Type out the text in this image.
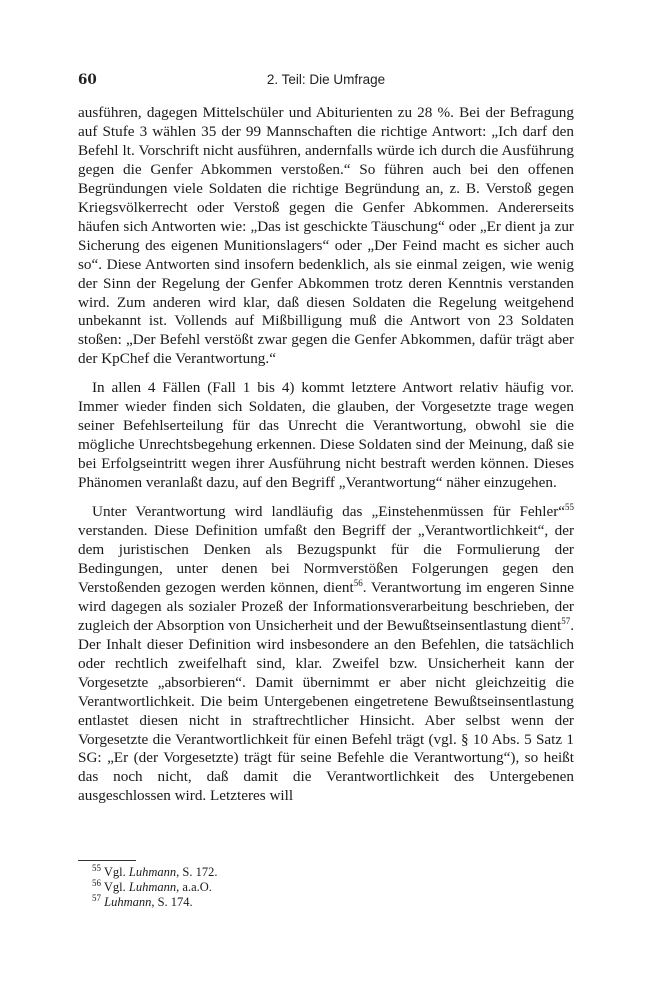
60	2. Teil: Die Umfrage

ausführen, dagegen Mittelschüler und Abiturienten zu 28 %. Bei der Befragung auf Stufe 3 wählen 35 der 99 Mannschaften die richtige Antwort: „Ich darf den Befehl lt. Vorschrift nicht ausführen, andernfalls würde ich durch die Ausführung gegen die Genfer Abkommen verstoßen.“ So führen auch bei den offenen Begründungen viele Soldaten die richtige Begründung an, z. B. Verstoß gegen Kriegsvölkerrecht oder Verstoß gegen die Genfer Abkommen. Andererseits häufen sich Antworten wie: „Das ist geschickte Täuschung“ oder „Er dient ja zur Sicherung des eigenen Munitionslagers“ oder „Der Feind macht es sicher auch so“. Diese Antworten sind insofern bedenklich, als sie einmal zeigen, wie wenig der Sinn der Regelung der Genfer Abkommen trotz deren Kenntnis verstanden wird. Zum anderen wird klar, daß diesen Soldaten die Regelung weitgehend unbekannt ist. Vollends auf Mißbilligung muß die Antwort von 23 Soldaten stoßen: „Der Befehl verstößt zwar gegen die Genfer Abkommen, dafür trägt aber der KpChef die Verantwortung.“

In allen 4 Fällen (Fall 1 bis 4) kommt letztere Antwort relativ häufig vor. Immer wieder finden sich Soldaten, die glauben, der Vorgesetzte trage wegen seiner Befehlserteilung für das Unrecht die Verantwortung, obwohl sie die mögliche Unrechtsbegehung erkennen. Diese Soldaten sind der Meinung, daß sie bei Erfolgseintritt wegen ihrer Ausführung nicht bestraft werden können. Dieses Phänomen veranlaßt dazu, auf den Begriff „Verantwortung“ näher einzugehen.

Unter Verantwortung wird landläufig das „Einstehenmüssen für Fehler“$^{55}$ verstanden. Diese Definition umfaßt den Begriff der „Verantwortlichkeit“, der dem juristischen Denken als Bezugspunkt für die Formulierung der Bedingungen, unter denen bei Normverstößen Folgerungen gegen den Verstoßenden gezogen werden können, dient$^{56}$. Verantwortung im engeren Sinne wird dagegen als sozialer Prozeß der Informationsverarbeitung beschrieben, der zugleich der Absorption von Unsicherheit und der Bewußtseinsentlastung dient$^{57}$. Der Inhalt dieser Definition wird insbesondere an den Befehlen, die tatsächlich oder rechtlich zweifelhaft sind, klar. Zweifel bzw. Unsicherheit kann der Vorgesetzte „absorbieren“. Damit übernimmt er aber nicht gleichzeitig die Verantwortlichkeit. Die beim Untergebenen eingetretene Bewußtseinsentlastung entlastet diesen nicht in straftrechtlicher Hinsicht. Aber selbst wenn der Vorgesetzte die Verantwortlichkeit für einen Befehl trägt (vgl. § 10 Abs. 5 Satz 1 SG: „Er (der Vorgesetzte) trägt für seine Befehle die Verantwortung“), so heißt das noch nicht, daß damit die Verantwortlichkeit des Untergebenen ausgeschlossen wird. Letzteres will

$^{55}$ Vgl. Luhmann, S. 172.
$^{56}$ Vgl. Luhmann, a.a.O.
$^{57}$ Luhmann, S. 174.
